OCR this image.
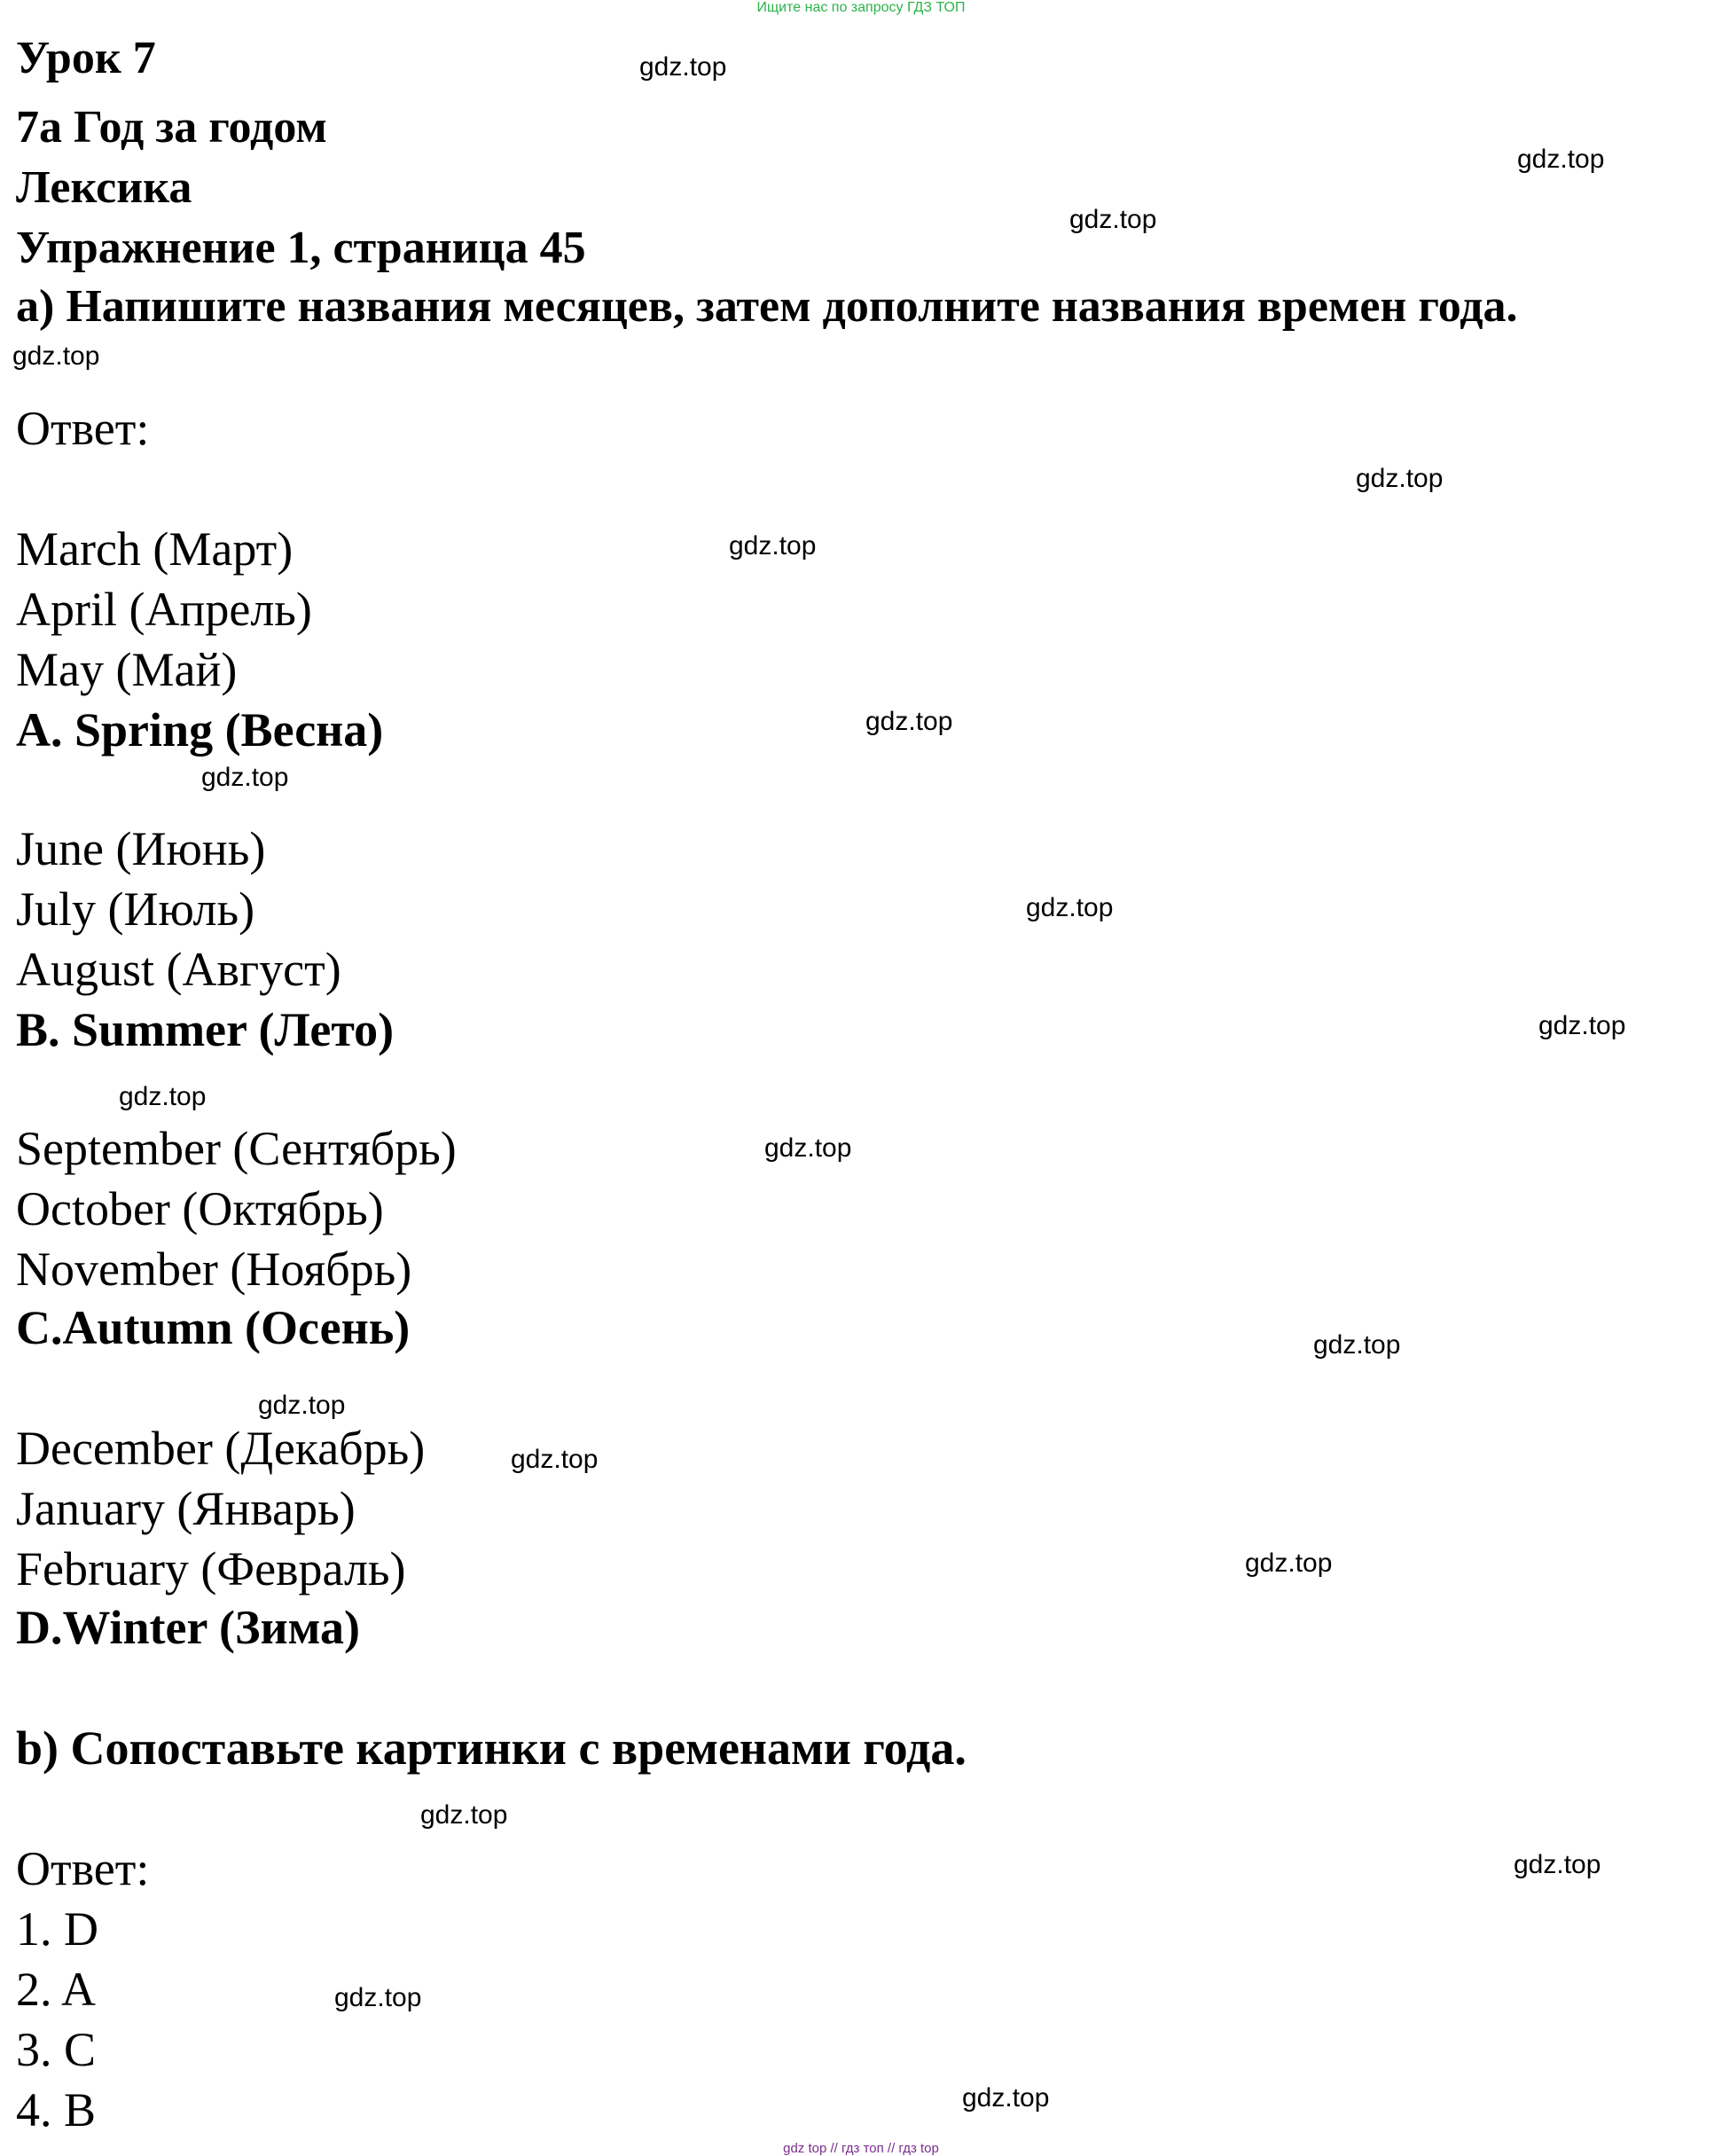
Ищите нас по запросу ГДЗ ТОП
Урок 7
7a Год за годом
Лексика
Упражнение 1, страница 45
a) Напишите названия месяцев, затем дополните названия времен года.
Ответ:
March (Март)
April (Апрель)
May (Май)
A. Spring (Весна)
June (Июнь)
July (Июль)
August (Август)
B. Summer (Лето)
September (Сентябрь)
October (Октябрь)
November (Ноябрь)
C.Autumn (Осень)
December (Декабрь)
January (Январь)
February (Февраль)
D.Winter (Зима)
b) Сопоставьте картинки с временами года.
Ответ:
1. D
2. A
3. C
4. B
gdz.top
gdz.top
gdz.top
gdz.top
gdz.top
gdz.top
gdz.top
gdz.top
gdz.top
gdz.top
gdz.top
gdz.top
gdz.top
gdz.top
gdz.top
gdz.top
gdz.top
gdz.top
gdz.top
gdz.top
gdz top // гдз топ // гдз top
